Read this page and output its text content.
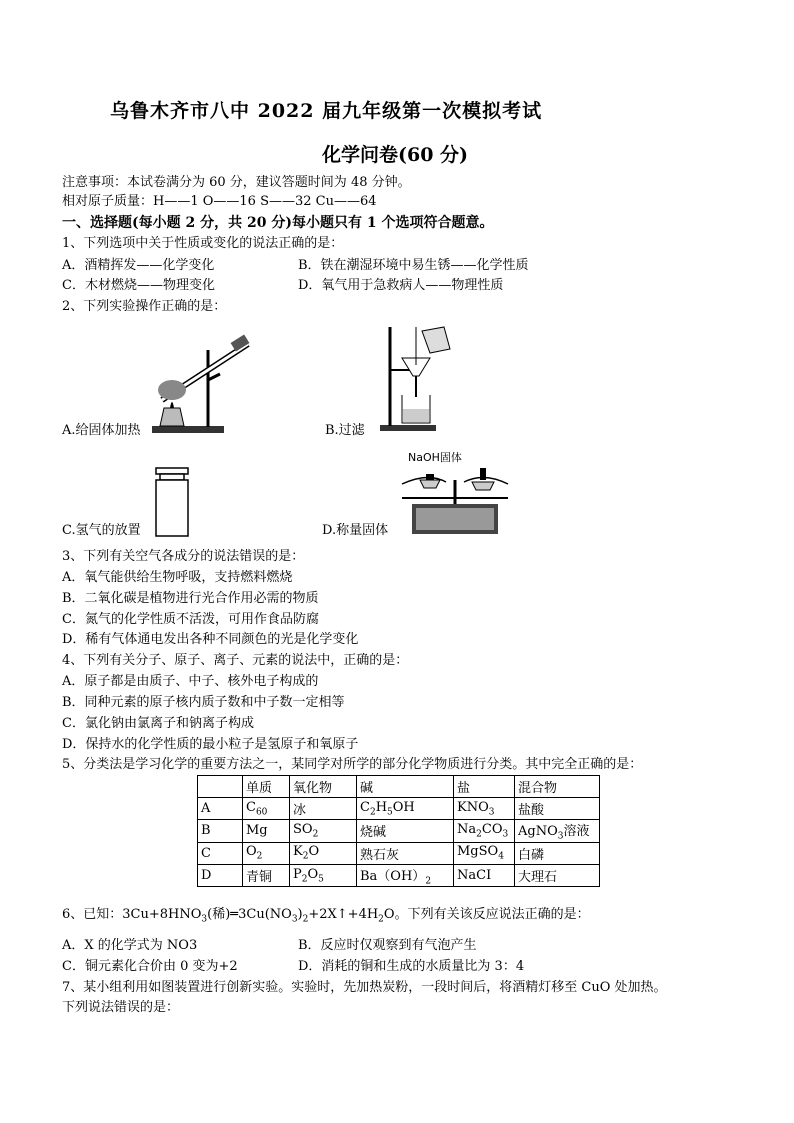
乌鲁木齐市八中 2022 届九年级第一次模拟考试
化学问卷(60 分)
注意事项：本试卷满分为 60 分，建议答题时间为 48 分钟。
相对原子质量：H——1 O——16 S——32 Cu——64
一、选择题(每小题 2 分，共 20 分)每小题只有 1 个选项符合题意。
1、下列选项中关于性质或变化的说法正确的是：
A．酒精挥发——化学变化	B．铁在潮湿环境中易生锈——化学性质
C．木材燃烧——物理变化	D．氧气用于急救病人——物理性质
2、下列实验操作正确的是：
A.给固体加热	B.过滤
C.氢气的放置
NaOH固体
D.称量固体
3、下列有关空气各成分的说法错误的是：
A．氧气能供给生物呼吸，支持燃料燃烧
B．二氧化碳是植物进行光合作用必需的物质
C．氮气的化学性质不活泼，可用作食品防腐
D．稀有气体通电发出各种不同颜色的光是化学变化
4、下列有关分子、原子、离子、元素的说法中，正确的是：
A．原子都是由质子、中子、核外电子构成的
B．同种元素的原子核内质子数和中子数一定相等
C．氯化钠由氯离子和钠离子构成
D．保持水的化学性质的最小粒子是氢原子和氧原子
5、分类法是学习化学的重要方法之一，某同学对所学的部分化学物质进行分类。其中完全正确的是：
	单质	氧化物	碱	盐	混合物
A	$C_{60}$	冰	$C_2H_5OH$	$KNO_3$	盐酸
B	Mg	$SO_2$	烧碱	$Na_2CO_3$	AgNO$_3$溶液
C	$O_2$	$K_2O$	熟石灰	MgSO$_4$	白磷
D	青铜	$P_2O_5$	$Ba(OH)_2$	NaCI	大理石
6、已知：$3Cu+8HNO_3$(稀)$═3Cu(NO_3)_2+2X↑+4H_2O$。下列有关该反应说法正确的是：
A．X 的化学式为 NO3	B．反应时仅观察到有气泡产生
C．铜元素化合价由 0 变为+2	D．消耗的铜和生成的水质量比为 3：4
7、某小组利用如图装置进行创新实验。实验时，先加热炭粉，一段时间后，将酒精灯移至 CuO 处加热。
下列说法错误的是：
